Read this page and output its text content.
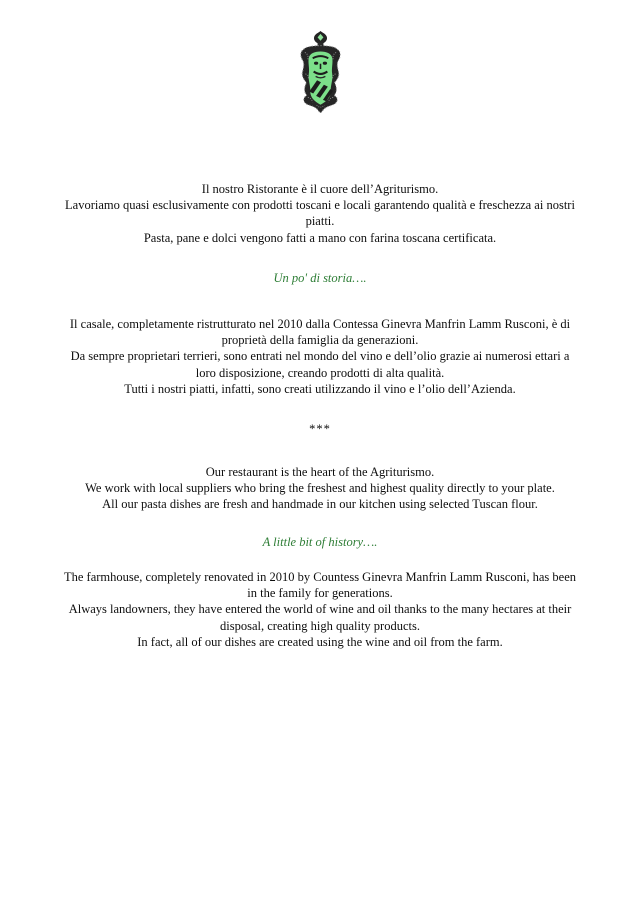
Il nostro Ristorante è il cuore dell’Agriturismo.
Lavoriamo quasi esclusivamente con prodotti toscani e locali garantendo qualità e freschezza ai nostri
piatti.
Pasta, pane e dolci vengono fatti a mano con farina toscana certificata.
Un po' di storia….
Il casale, completamente ristrutturato nel 2010 dalla Contessa Ginevra Manfrin Lamm Rusconi, è di
proprietà della famiglia da generazioni.
Da sempre proprietari terrieri, sono entrati nel mondo del vino e dell’olio grazie ai numerosi ettari a
loro disposizione, creando prodotti di alta qualità.
Tutti i nostri piatti, infatti, sono creati utilizzando il vino e l’olio dell’Azienda.
***
Our restaurant is the heart of the Agriturismo.
We work with local suppliers who bring the freshest and highest quality directly to your plate.
All our pasta dishes are fresh and handmade in our kitchen using selected Tuscan flour.
A little bit of history….
The farmhouse, completely renovated in 2010 by Countess Ginevra Manfrin Lamm Rusconi, has been
in the family for generations.
Always landowners, they have entered the world of wine and oil thanks to the many hectares at their
disposal, creating high quality products.
In fact, all of our dishes are created using the wine and oil from the farm.
